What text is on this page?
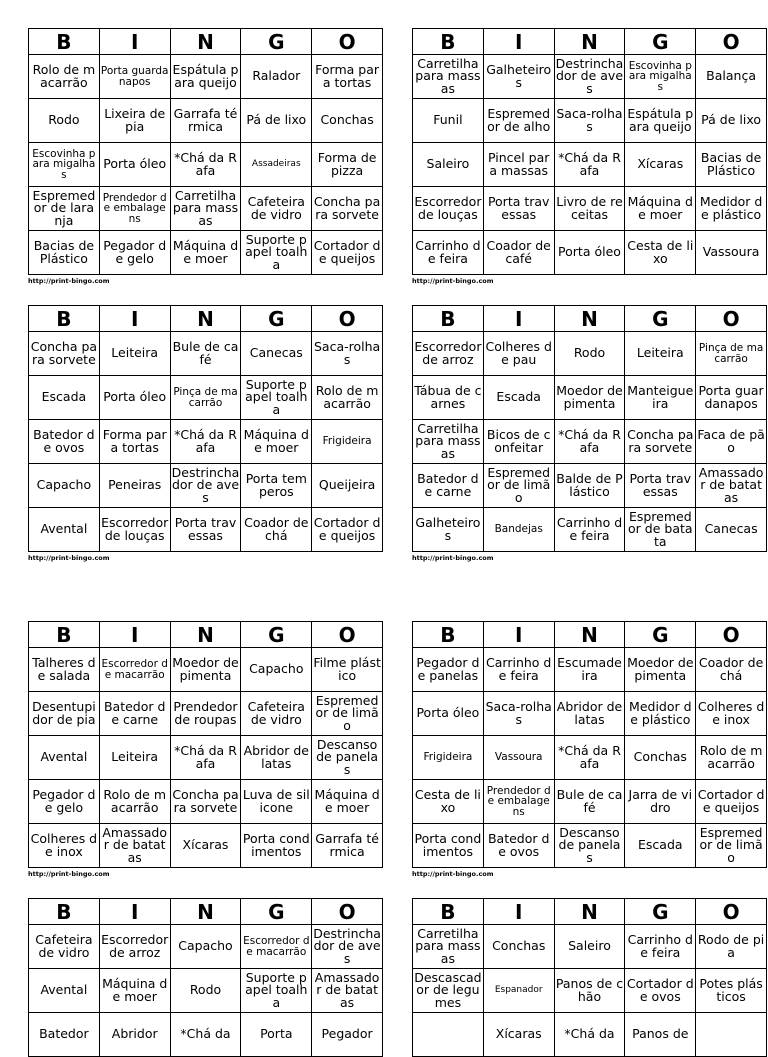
B	I	N	G	O
Rolo de macarrão	Porta guardanapos	Espátula para queijo	Ralador	Forma para tortas
Rodo	Lixeira de pia	Garrafa térmica	Pá de lixo	Conchas
Escovinha para migalhas	Porta óleo	*Chá da Rafa	Assadeiras	Forma de pizza
Espremedor de laranja	Prendedor de embalagens	Carretilha para massas	Cafeteira de vidro	Concha para sorvete
Bacias de Plástico	Pegador de gelo	Máquina de moer	Suporte papel toalha	Cortador de queijos
http://print-bingo.com
B	I	N	G	O
Carretilha para massas	Galheteiros	Destrinchador de aves	Escovinha para migalhas	Balança
Funil	Espremedor de alho	Saca-rolhas	Espátula para queijo	Pá de lixo
Saleiro	Pincel para massas	*Chá da Rafa	Xícaras	Bacias de Plástico
Escorredor de louças	Porta travessas	Livro de receitas	Máquina de moer	Medidor de plástico
Carrinho de feira	Coador de café	Porta óleo	Cesta de lixo	Vassoura
http://print-bingo.com
B	I	N	G	O
Concha para sorvete	Leiteira	Bule de café	Canecas	Saca-rolhas
Escada	Porta óleo	Pinça de macarrão	Suporte papel toalha	Rolo de macarrão
Batedor de ovos	Forma para tortas	*Chá da Rafa	Máquina de moer	Frigideira
Capacho	Peneiras	Destrinchador de aves	Porta temperos	Queijeira
Avental	Escorredor de louças	Porta travessas	Coador de chá	Cortador de queijos
http://print-bingo.com
B	I	N	G	O
Escorredor de arroz	Colheres de pau	Rodo	Leiteira	Pinça de macarrão
Tábua de carnes	Escada	Moedor de pimenta	Manteigueira	Porta guardanapos
Carretilha para massas	Bicos de confeitar	*Chá da Rafa	Concha para sorvete	Faca de pão
Batedor de carne	Espremedor de limão	Balde de Plástico	Porta travessas	Amassador de batatas
Galheteiros	Bandejas	Carrinho de feira	Espremedor de batata	Canecas
http://print-bingo.com
B	I	N	G	O
Talheres de salada	Escorredor de macarrão	Moedor de pimenta	Capacho	Filme plástico
Desentupidor de pia	Batedor de carne	Prendedor de roupas	Cafeteira de vidro	Espremedor de limão
Avental	Leiteira	*Chá da Rafa	Abridor de latas	Descanso de panelas
Pegador de gelo	Rolo de macarrão	Concha para sorvete	Luva de silicone	Máquina de moer
Colheres de inox	Amassador de batatas	Xícaras	Porta condimentos	Garrafa térmica
http://print-bingo.com
B	I	N	G	O
Pegador de panelas	Carrinho de feira	Escumadeira	Moedor de pimenta	Coador de chá
Porta óleo	Saca-rolhas	Abridor de latas	Medidor de plástico	Colheres de inox
Frigideira	Vassoura	*Chá da Rafa	Conchas	Rolo de macarrão
Cesta de lixo	Prendedor de embalagens	Bule de café	Jarra de vidro	Cortador de queijos
Porta condimentos	Batedor de ovos	Descanso de panelas	Escada	Espremedor de limão
http://print-bingo.com
B	I	N	G	O
Cafeteira de vidro	Escorredor de arroz	Capacho	Escorredor de macarrão	Destrinchador de aves
Avental	Máquina de moer	Rodo	Suporte papel toalha	Amassador de batatas
Batedor	Abridor	*Chá da	Porta	Pegador
B	I	N	G	O
Carretilha para massas	Conchas	Saleiro	Carrinho de feira	Rodo de pia
Descascador de legumes	Espanador	Panos de chão	Cortador de ovos	Potes plásticos
	Xícaras	*Chá da	Panos de	
